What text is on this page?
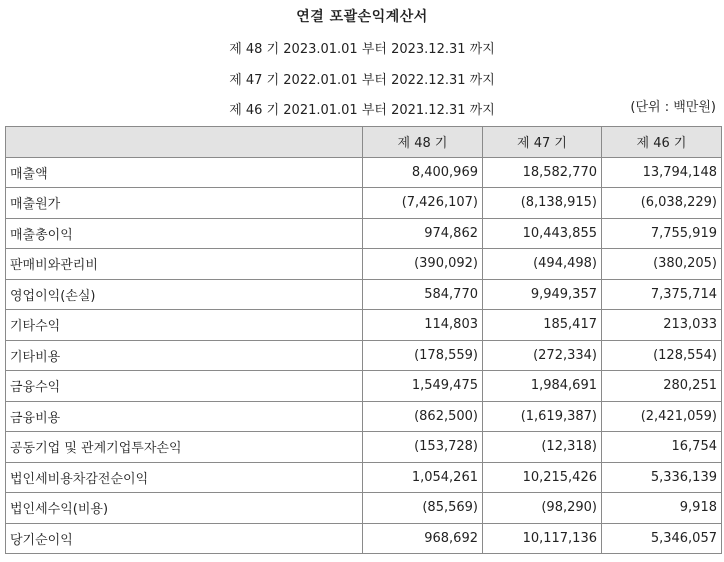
연결 포괄손익계산서
제 48 기 2023.01.01 부터 2023.12.31 까지
제 47 기 2022.01.01 부터 2022.12.31 까지
제 46 기 2021.01.01 부터 2021.12.31 까지	(단위 : 백만원)
	제 48 기	제 47 기	제 46 기
매출액	8,400,969	18,582,770	13,794,148
매출원가	(7,426,107)	(8,138,915)	(6,038,229)
매출총이익	974,862	10,443,855	7,755,919
판매비와관리비	(390,092)	(494,498)	(380,205)
영업이익(손실)	584,770	9,949,357	7,375,714
기타수익	114,803	185,417	213,033
기타비용	(178,559)	(272,334)	(128,554)
금융수익	1,549,475	1,984,691	280,251
금융비용	(862,500)	(1,619,387)	(2,421,059)
공동기업 및 관계기업투자손익	(153,728)	(12,318)	16,754
법인세비용차감전순이익	1,054,261	10,215,426	5,336,139
법인세수익(비용)	(85,569)	(98,290)	9,918
당기순이익	968,692	10,117,136	5,346,057
